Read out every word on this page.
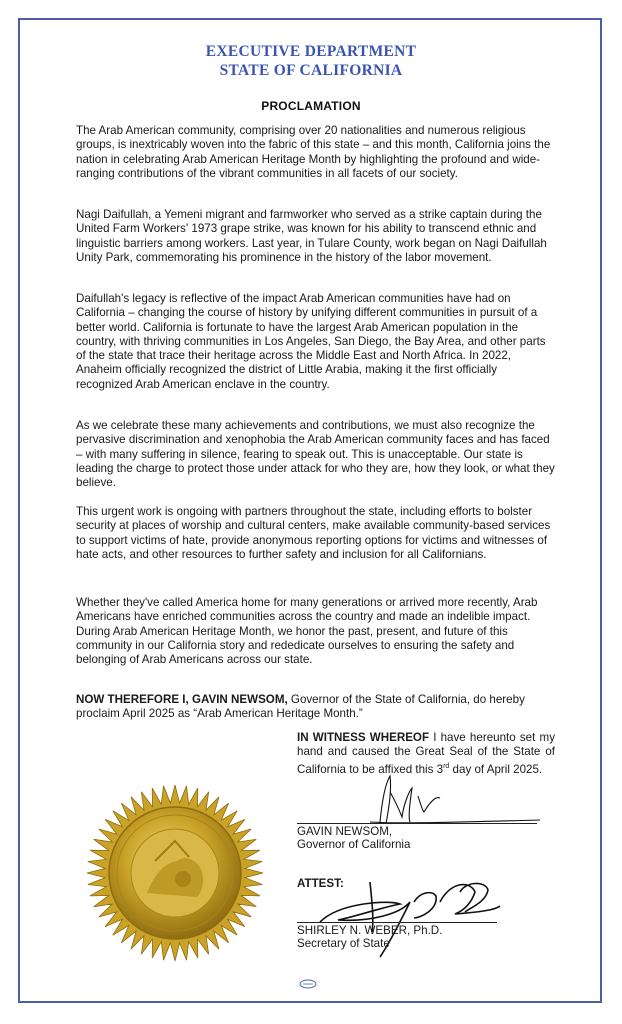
EXECUTIVE DEPARTMENT
STATE OF CALIFORNIA
PROCLAMATION

The Arab American community, comprising over 20 nationalities and numerous religious groups, is inextricably woven into the fabric of this state – and this month, California joins the nation in celebrating Arab American Heritage Month by highlighting the profound and wide-ranging contributions of the vibrant communities in all facets of our society.

Nagi Daifullah, a Yemeni migrant and farmworker who served as a strike captain during the United Farm Workers' 1973 grape strike, was known for his ability to transcend ethnic and linguistic barriers among workers. Last year, in Tulare County, work began on Nagi Daifullah Unity Park, commemorating his prominence in the history of the labor movement.

Daifullah's legacy is reflective of the impact Arab American communities have had on California – changing the course of history by unifying different communities in pursuit of a better world. California is fortunate to have the largest Arab American population in the country, with thriving communities in Los Angeles, San Diego, the Bay Area, and other parts of the state that trace their heritage across the Middle East and North Africa. In 2022, Anaheim officially recognized the district of Little Arabia, making it the first officially recognized Arab American enclave in the country.

As we celebrate these many achievements and contributions, we must also recognize the pervasive discrimination and xenophobia the Arab American community faces and has faced – with many suffering in silence, fearing to speak out. This is unacceptable. Our state is leading the charge to protect those under attack for who they are, how they look, or what they believe.

This urgent work is ongoing with partners throughout the state, including efforts to bolster security at places of worship and cultural centers, make available community-based services to support victims of hate, provide anonymous reporting options for victims and witnesses of hate acts, and other resources to further safety and inclusion for all Californians.

Whether they've called America home for many generations or arrived more recently, Arab Americans have enriched communities across the country and made an indelible impact. During Arab American Heritage Month, we honor the past, present, and future of this community in our California story and rededicate ourselves to ensuring the safety and belonging of Arab Americans across our state.

NOW THEREFORE I, GAVIN NEWSOM, Governor of the State of California, do hereby proclaim April 2025 as “Arab American Heritage Month.”

IN WITNESS WHEREOF I have hereunto set my hand and caused the Great Seal of the State of California to be affixed this 3rd day of April 2025.

GAVIN NEWSOM,
Governor of California
ATTEST:
SHIRLEY N. WEBER, Ph.D.
Secretary of State
